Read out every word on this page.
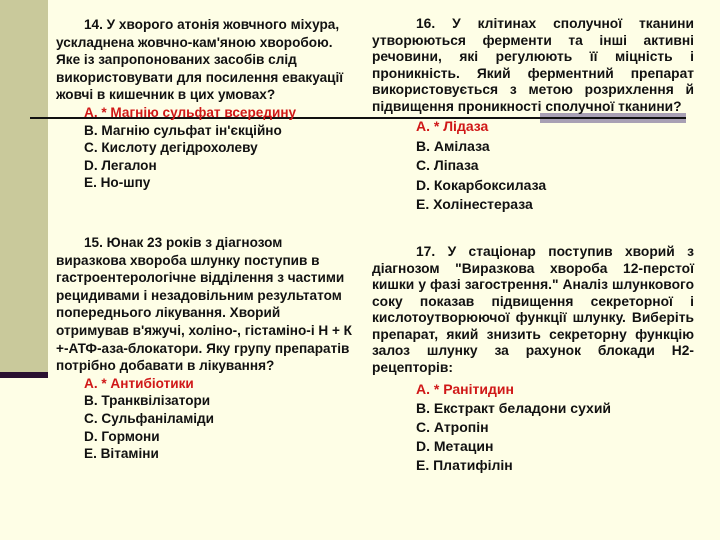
14. У хворого атонія жовчного міхура, ускладнена жовчно-кам'яною хворобою. Яке із запропонованих засобів слід використовувати для посилення евакуації жовчі в кишечник в цих умовах?

A. * Магнію сульфат всередину
B. Магнію сульфат ін'єкційно
C. Кислоту дегідрохолеву
D. Легалон
E. Но-шпу

15. Юнак 23 років з діагнозом виразкова хвороба шлунку поступив в гастроентерологічне відділення з частими рецидивами і незадовільним результатом попереднього лікування. Хворий отримував в'яжучі, холіно-, гістаміно-і Н + К +-АТФ-аза-блокатори. Яку групу препаратів потрібно добавати в лікування?

A. * Антибіотики
B. Транквілізатори
C. Сульфаніламіди
D. Гормони
E. Вітаміни

16. У клітинах сполучної тканини утворюються ферменти та інші активні речовини, які регулюють її міцність і проникність. Який ферментний препарат використовується з метою розрихлення й підвищення проникності сполучної тканини?

A. * Лідаза
B. Амілаза
C. Ліпаза
D. Кокарбоксилаза
E. Холінестераза

17. У стаціонар поступив хворий з діагнозом "Виразкова хвороба 12-перстої кишки у фазі загострення." Аналіз шлункового соку показав підвищення секреторної і кислотоутворюючої функції шлунку. Виберіть препарат, який знизить секреторну функцію залоз шлунку за рахунок блокади Н2-рецепторів:

A. * Ранітидин
B. Екстракт беладони сухий
C. Атропін
D. Метацин
E. Платифілін
